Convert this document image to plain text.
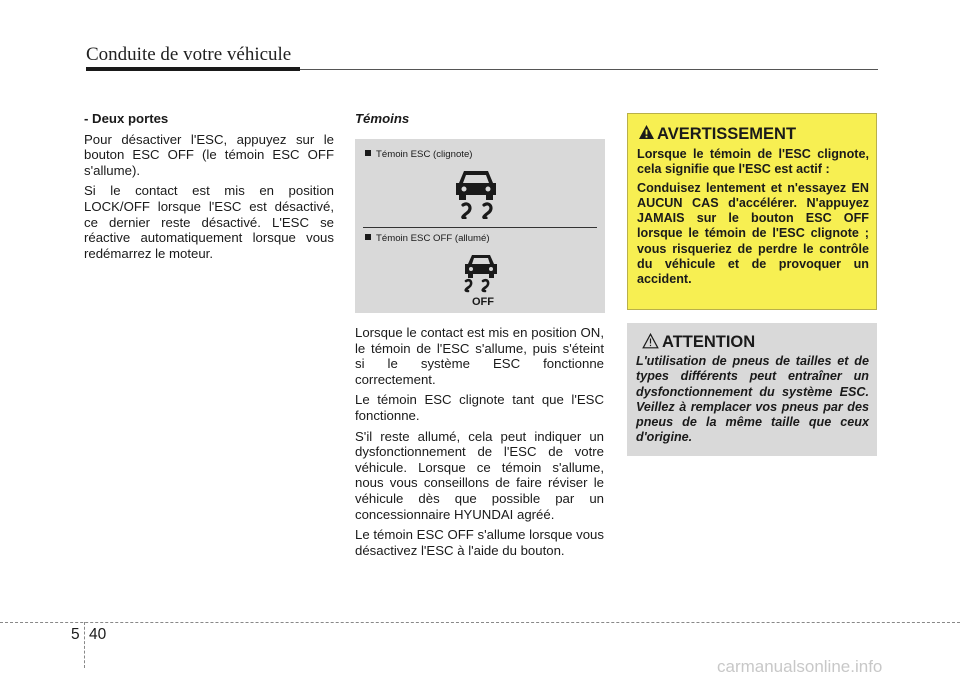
Conduite de votre véhicule

- Deux portes

Pour désactiver l'ESC, appuyez sur le bouton ESC OFF (le témoin ESC OFF s'allume).

Si le contact est mis en position LOCK/OFF lorsque l'ESC est désactivé, ce dernier reste désactivé. L'ESC se réactive automatiquement lorsque vous redémarrez le moteur.

Témoins
Témoin ESC (clignote)
Témoin ESC OFF (allumé)
OFF

Lorsque le contact est mis en position ON, le témoin de l'ESC s'allume, puis s'éteint si le système ESC fonctionne correctement.

Le témoin ESC clignote tant que l'ESC fonctionne.

S'il reste allumé, cela peut indiquer un dysfonctionnement de l'ESC de votre véhicule. Lorsque ce témoin s'allume, nous vous conseillons de faire réviser le véhicule dès que possible par un concessionnaire HYUNDAI agréé.

Le témoin ESC OFF s'allume lorsque vous désactivez l'ESC à l'aide du bouton.

AVERTISSEMENT

Lorsque le témoin de l'ESC clignote, cela signifie que l'ESC est actif :

Conduisez lentement et n'essayez EN AUCUN CAS d'accélérer. N'appuyez JAMAIS sur le bouton ESC OFF lorsque le témoin de l'ESC clignote ; vous risqueriez de perdre le contrôle du véhicule et de provoquer un accident.

ATTENTION
L'utilisation de pneus de tailles et de types différents peut entraîner un dysfonctionnement du système ESC. Veillez à remplacer vos pneus par des pneus de la même taille que ceux d'origine.
5 40
carmanualsonline.info
